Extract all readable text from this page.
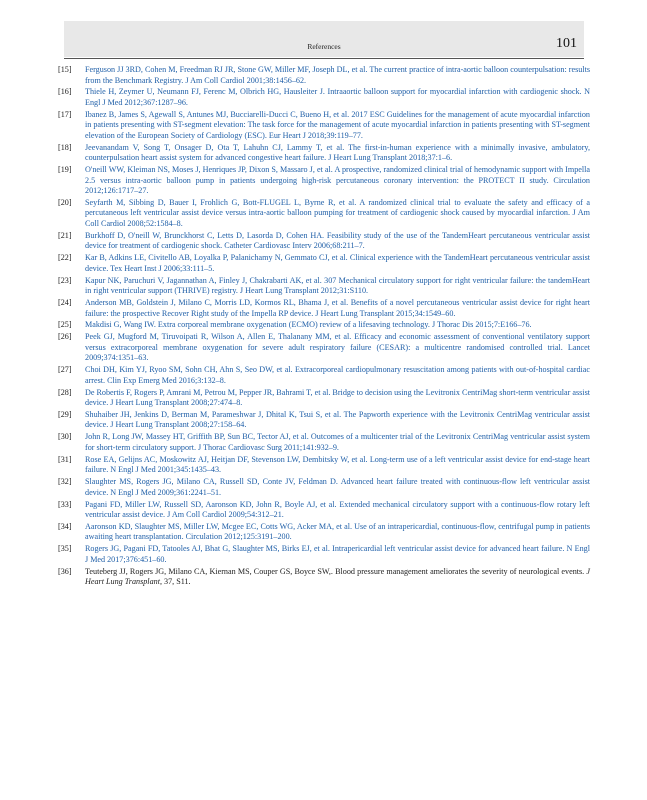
References	101
[15]	Ferguson JJ 3RD, Cohen M, Freedman RJ JR, Stone GW, Miller MF, Joseph DL, et al. The current practice of intra-aortic balloon counterpulsation: results from the Benchmark Registry. J Am Coll Cardiol 2001;38:1456–62.
[16]	Thiele H, Zeymer U, Neumann FJ, Ferenc M, Olbrich HG, Hausleiter J. Intraaortic balloon support for myocardial infarction with cardiogenic shock. N Engl J Med 2012;367:1287–96.
[17]	Ibanez B, James S, Agewall S, Antunes MJ, Bucciarelli-Ducci C, Bueno H, et al. 2017 ESC Guidelines for the management of acute myocardial infarction in patients presenting with ST-segment elevation: The task force for the management of acute myocardial infarction in patients presenting with ST-segment elevation of the European Society of Cardiology (ESC). Eur Heart J 2018;39:119–77.
[18]	Jeevanandam V, Song T, Onsager D, Ota T, Lahuhn CJ, Lammy T, et al. The first-in-human experience with a minimally invasive, ambulatory, counterpulsation heart assist system for advanced congestive heart failure. J Heart Lung Transplant 2018;37:1–6.
[19]	O'neill WW, Kleiman NS, Moses J, Henriques JP, Dixon S, Massaro J, et al. A prospective, randomized clinical trial of hemodynamic support with Impella 2.5 versus intra-aortic balloon pump in patients undergoing high-risk percutaneous coronary intervention: the PROTECT II study. Circulation 2012;126:1717–27.
[20]	Seyfarth M, Sibbing D, Bauer I, Frohlich G, Bott-FLUGEL L, Byrne R, et al. A randomized clinical trial to evaluate the safety and efficacy of a percutaneous left ventricular assist device versus intra-aortic balloon pumping for treatment of cardiogenic shock caused by myocardial infarction. J Am Coll Cardiol 2008;52:1584–8.
[21]	Burkhoff D, O'neill W, Brunckhorst C, Letts D, Lasorda D, Cohen HA. Feasibility study of the use of the TandemHeart percutaneous ventricular assist device for treatment of cardiogenic shock. Catheter Cardiovasc Interv 2006;68:211–7.
[22]	Kar B, Adkins LE, Civitello AB, Loyalka P, Palanichamy N, Gemmato CJ, et al. Clinical experience with the TandemHeart percutaneous ventricular assist device. Tex Heart Inst J 2006;33:111–5.
[23]	Kapur NK, Paruchuri V, Jagannathan A, Finley J, Chakrabarti AK, et al. 307 Mechanical circulatory support for right ventricular failure: the tandemHeart in right ventricular support (THRIVE) registry. J Heart Lung Transplant 2012;31:S110.
[24]	Anderson MB, Goldstein J, Milano C, Morris LD, Kormos RL, Bhama J, et al. Benefits of a novel percutaneous ventricular assist device for right heart failure: the prospective Recover Right study of the Impella RP device. J Heart Lung Transplant 2015;34:1549–60.
[25]	Makdisi G, Wang IW. Extra corporeal membrane oxygenation (ECMO) review of a lifesaving technology. J Thorac Dis 2015;7:E166–76.
[26]	Peek GJ, Mugford M, Tiruvoipati R, Wilson A, Allen E, Thalanany MM, et al. Efficacy and economic assessment of conventional ventilatory support versus extracorporeal membrane oxygenation for severe adult respiratory failure (CESAR): a multicentre randomised controlled trial. Lancet 2009;374:1351–63.
[27]	Choi DH, Kim YJ, Ryoo SM, Sohn CH, Ahn S, Seo DW, et al. Extracorporeal cardiopulmonary resuscitation among patients with out-of-hospital cardiac arrest. Clin Exp Emerg Med 2016;3:132–8.
[28]	De Robertis F, Rogers P, Amrani M, Petrou M, Pepper JR, Bahrami T, et al. Bridge to decision using the Levitronix CentriMag short-term ventricular assist device. J Heart Lung Transplant 2008;27:474–8.
[29]	Shuhaiber JH, Jenkins D, Berman M, Parameshwar J, Dhital K, Tsui S, et al. The Papworth experience with the Levitronix CentriMag ventricular assist device. J Heart Lung Transplant 2008;27:158–64.
[30]	John R, Long JW, Massey HT, Griffith BP, Sun BC, Tector AJ, et al. Outcomes of a multicenter trial of the Levitronix CentriMag ventricular assist system for short-term circulatory support. J Thorac Cardiovasc Surg 2011;141:932–9.
[31]	Rose EA, Gelijns AC, Moskowitz AJ, Heitjan DF, Stevenson LW, Dembitsky W, et al. Long-term use of a left ventricular assist device for end-stage heart failure. N Engl J Med 2001;345:1435–43.
[32]	Slaughter MS, Rogers JG, Milano CA, Russell SD, Conte JV, Feldman D. Advanced heart failure treated with continuous-flow left ventricular assist device. N Engl J Med 2009;361:2241–51.
[33]	Pagani FD, Miller LW, Russell SD, Aaronson KD, John R, Boyle AJ, et al. Extended mechanical circulatory support with a continuous-flow rotary left ventricular assist device. J Am Coll Cardiol 2009;54:312–21.
[34]	Aaronson KD, Slaughter MS, Miller LW, Mcgee EC, Cotts WG, Acker MA, et al. Use of an intrapericardial, continuous-flow, centrifugal pump in patients awaiting heart transplantation. Circulation 2012;125:3191–200.
[35]	Rogers JG, Pagani FD, Tatooles AJ, Bhat G, Slaughter MS, Birks EJ, et al. Intrapericardial left ventricular assist device for advanced heart failure. N Engl J Med 2017;376:451–60.
[36]	Teuteberg JJ, Rogers JG, Milano CA, Kiernan MS, Couper GS, Boyce SW,. Blood pressure management ameliorates the severity of neurological events. J Heart Lung Transplant, 37, S11.
